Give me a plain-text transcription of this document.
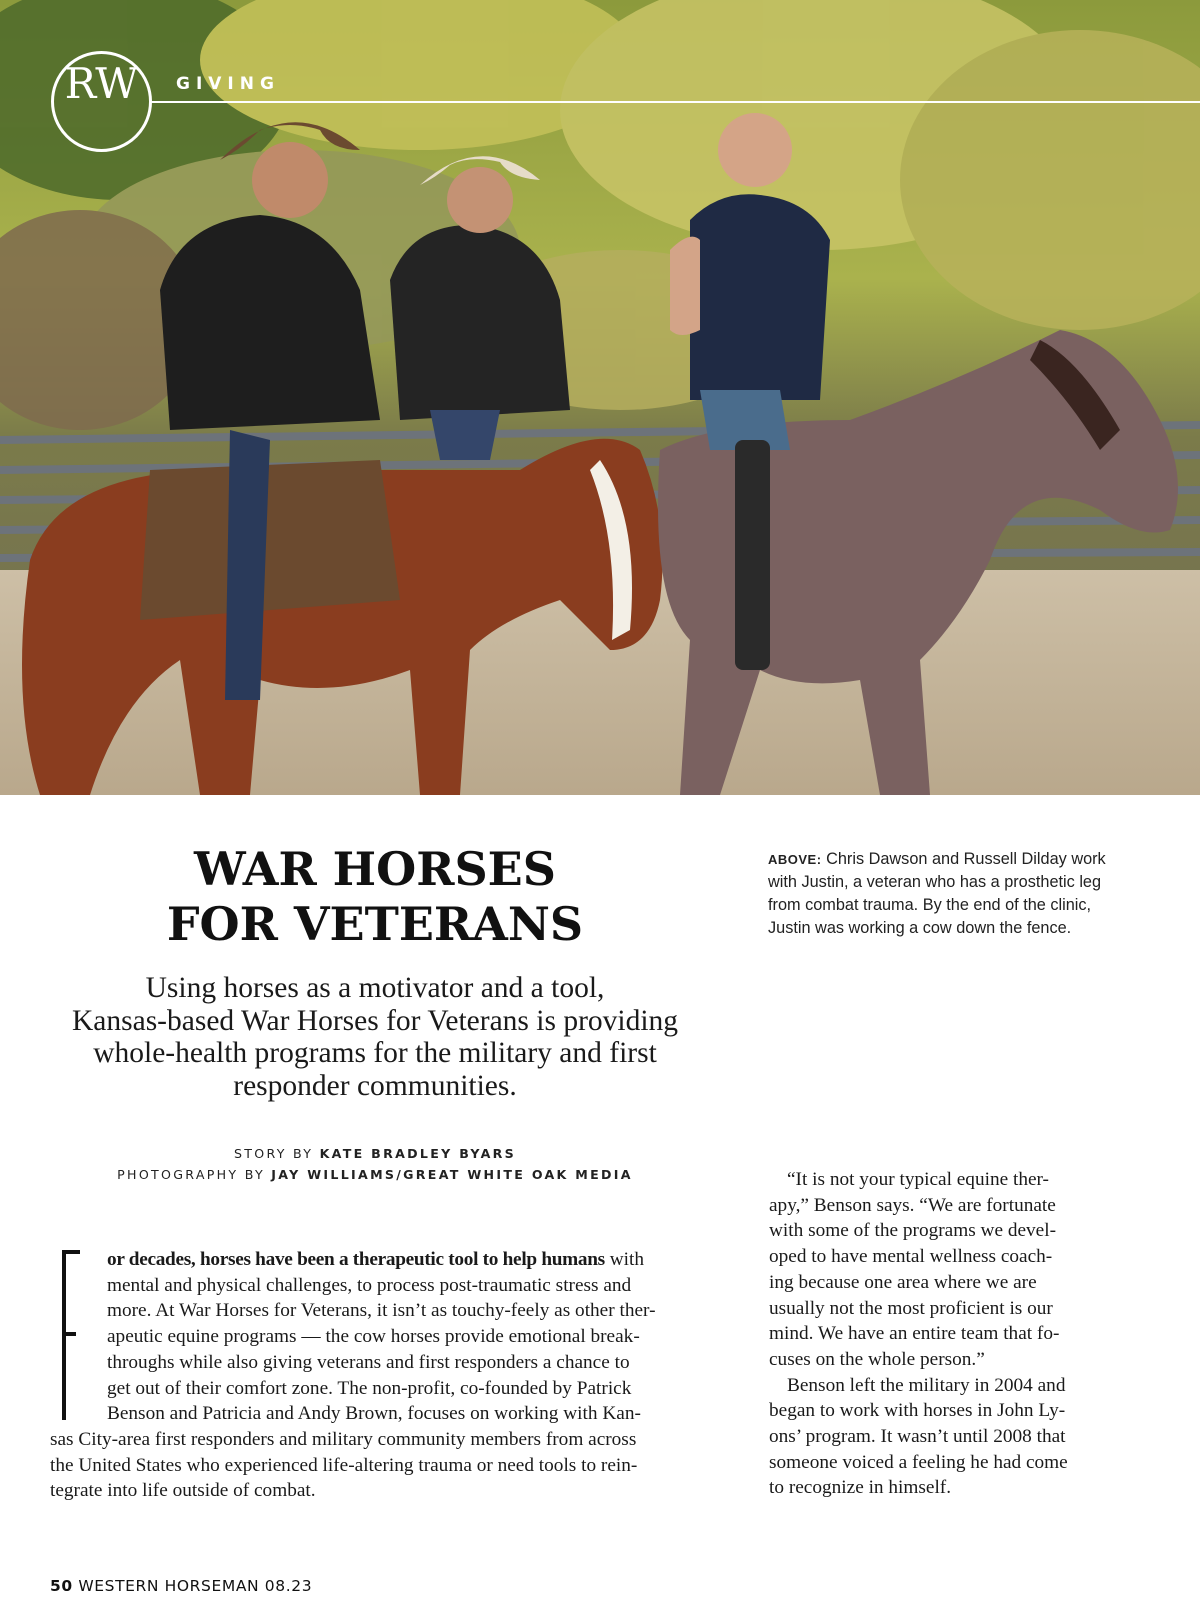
RW GIVING
WAR HORSES
FOR VETERANS
Using horses as a motivator and a tool,
Kansas-based War Horses for Veterans is providing
whole-health programs for the military and first
responder communities.
STORY BY KATE BRADLEY BYARS
PHOTOGRAPHY BY JAY WILLIAMS/GREAT WHITE OAK MEDIA
ABOVE: Chris Dawson and Russell Dilday work with Justin, a veteran who has a prosthetic leg from combat trauma. By the end of the clinic, Justin was working a cow down the fence.
or decades, horses have been a therapeutic tool to help humans with
mental and physical challenges, to process post-traumatic stress and
more. At War Horses for Veterans, it isn’t as touchy-feely as other ther-
apeutic equine programs — the cow horses provide emotional break-
throughs while also giving veterans and first responders a chance to
get out of their comfort zone. The non-profit, co-founded by Patrick
Benson and Patricia and Andy Brown, focuses on working with Kan-
sas City-area first responders and military community members from across
the United States who experienced life-altering trauma or need tools to rein-
tegrate into life outside of combat.
“It is not your typical equine ther-
apy,” Benson says. “We are fortunate
with some of the programs we devel-
oped to have mental wellness coach-
ing because one area where we are
usually not the most proficient is our
mind. We have an entire team that fo-
cuses on the whole person.”
Benson left the military in 2004 and
began to work with horses in John Ly-
ons’ program. It wasn’t until 2008 that
someone voiced a feeling he had come
to recognize in himself.
50 WESTERN HORSEMAN 08.23
